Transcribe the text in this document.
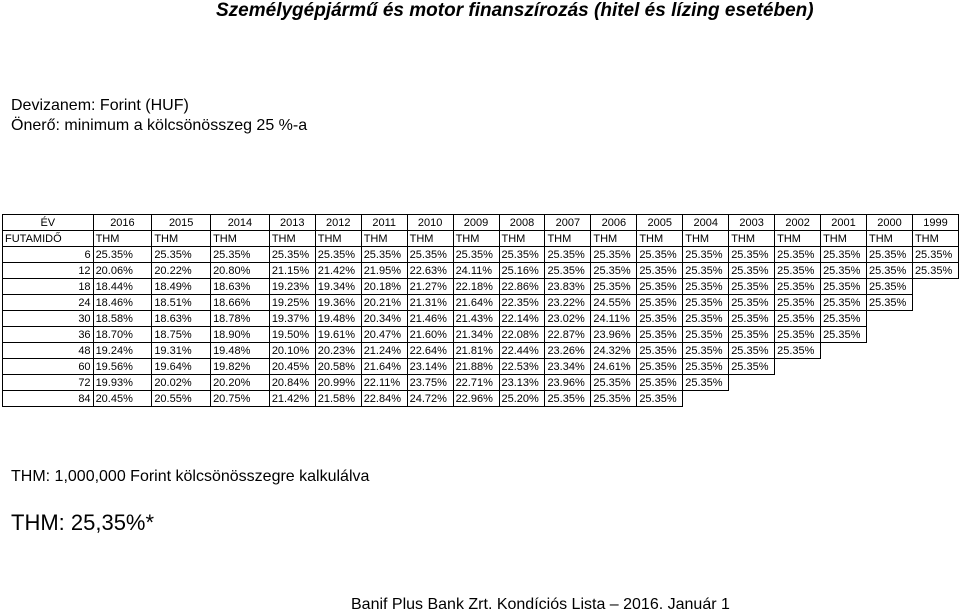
Személygépjármű és motor finanszírozás (hitel és lízing esetében)
Devizanem: Forint (HUF)
Önerő: minimum a kölcsönösszeg 25 %-a
ÉV	2016	2015	2014	2013	2012	2011	2010	2009	2008	2007	2006	2005	2004	2003	2002	2001	2000	1999
FUTAMIDŐ	THM	THM	THM	THM	THM	THM	THM	THM	THM	THM	THM	THM	THM	THM	THM	THM	THM	THM
6	25.35%	25.35%	25.35%	25.35%	25.35%	25.35%	25.35%	25.35%	25.35%	25.35%	25.35%	25.35%	25.35%	25.35%	25.35%	25.35%	25.35%	25.35%
12	20.06%	20.22%	20.80%	21.15%	21.42%	21.95%	22.63%	24.11%	25.16%	25.35%	25.35%	25.35%	25.35%	25.35%	25.35%	25.35%	25.35%	25.35%
18	18.44%	18.49%	18.63%	19.23%	19.34%	20.18%	21.27%	22.18%	22.86%	23.83%	25.35%	25.35%	25.35%	25.35%	25.35%	25.35%	25.35%	
24	18.46%	18.51%	18.66%	19.25%	19.36%	20.21%	21.31%	21.64%	22.35%	23.22%	24.55%	25.35%	25.35%	25.35%	25.35%	25.35%	25.35%	
30	18.58%	18.63%	18.78%	19.37%	19.48%	20.34%	21.46%	21.43%	22.14%	23.02%	24.11%	25.35%	25.35%	25.35%	25.35%	25.35%		
36	18.70%	18.75%	18.90%	19.50%	19.61%	20.47%	21.60%	21.34%	22.08%	22.87%	23.96%	25.35%	25.35%	25.35%	25.35%	25.35%		
48	19.24%	19.31%	19.48%	20.10%	20.23%	21.24%	22.64%	21.81%	22.44%	23.26%	24.32%	25.35%	25.35%	25.35%	25.35%			
60	19.56%	19.64%	19.82%	20.45%	20.58%	21.64%	23.14%	21.88%	22.53%	23.34%	24.61%	25.35%	25.35%	25.35%				
72	19.93%	20.02%	20.20%	20.84%	20.99%	22.11%	23.75%	22.71%	23.13%	23.96%	25.35%	25.35%	25.35%					
84	20.45%	20.55%	20.75%	21.42%	21.58%	22.84%	24.72%	22.96%	25.20%	25.35%	25.35%	25.35%						
THM: 1,000,000 Forint kölcsönösszegre kalkulálva
THM: 25,35%*
Banif Plus Bank Zrt. Kondíciós Lista – 2016. Január 1
